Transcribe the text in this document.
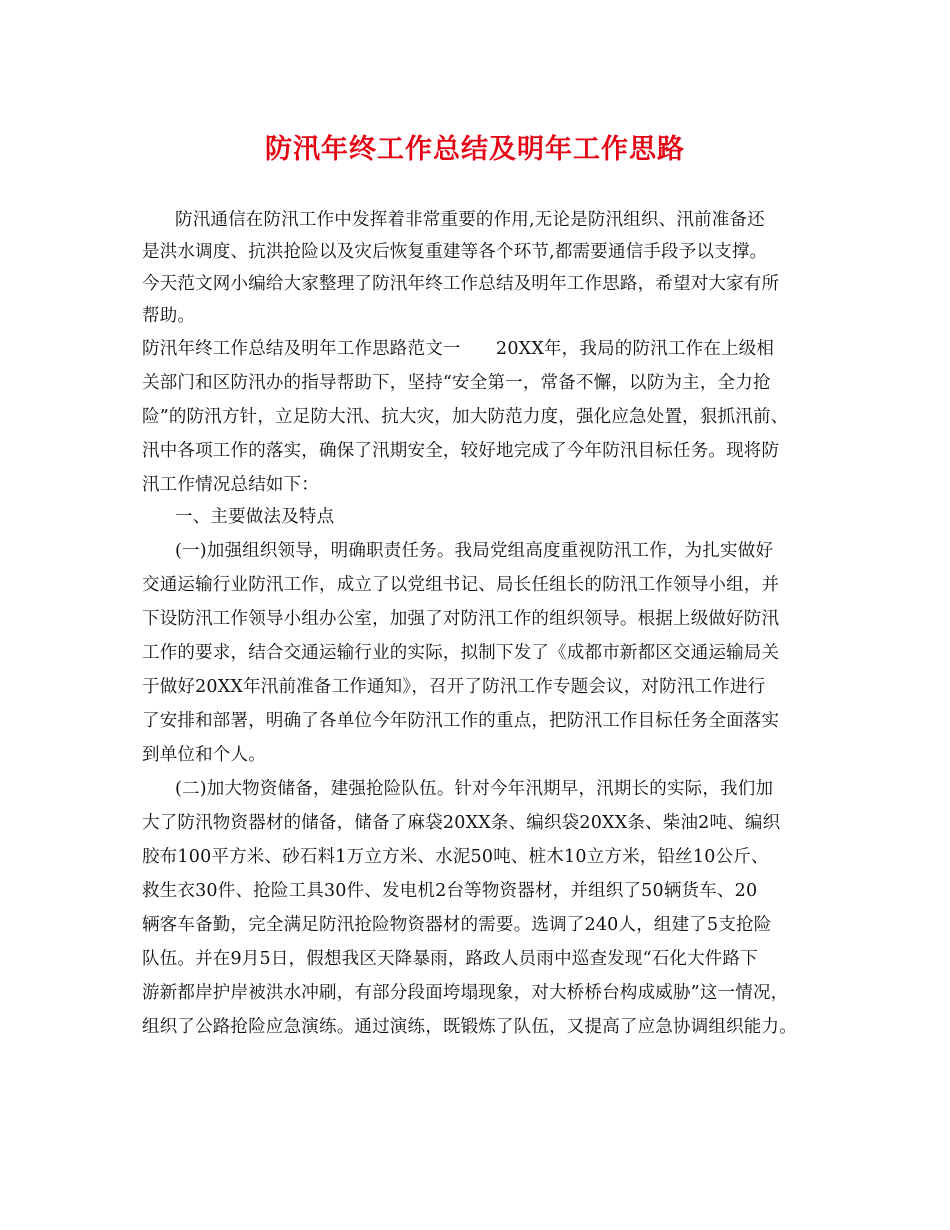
防汛年终工作总结及明年工作思路
防汛通信在防汛工作中发挥着非常重要的作用,无论是防汛组织、汛前准备还
是洪水调度、抗洪抢险以及灾后恢复重建等各个环节,都需要通信手段予以支撑。
今天范文网小编给大家整理了防汛年终工作总结及明年工作思路，希望对大家有所
帮助。
防汛年终工作总结及明年工作思路范文一　　20XX年，我局的防汛工作在上级相
关部门和区防汛办的指导帮助下，坚持“安全第一，常备不懈，以防为主，全力抢
险”的防汛方针，立足防大汛、抗大灾，加大防范力度，强化应急处置，狠抓汛前、
汛中各项工作的落实，确保了汛期安全，较好地完成了今年防汛目标任务。现将防
汛工作情况总结如下：
一、主要做法及特点
(一)加强组织领导，明确职责任务。我局党组高度重视防汛工作，为扎实做好
交通运输行业防汛工作，成立了以党组书记、局长任组长的防汛工作领导小组，并
下设防汛工作领导小组办公室，加强了对防汛工作的组织领导。根据上级做好防汛
工作的要求，结合交通运输行业的实际，拟制下发了《成都市新都区交通运输局关
于做好20XX年汛前准备工作通知》，召开了防汛工作专题会议，对防汛工作进行
了安排和部署，明确了各单位今年防汛工作的重点，把防汛工作目标任务全面落实
到单位和个人。
(二)加大物资储备，建强抢险队伍。针对今年汛期早，汛期长的实际，我们加
大了防汛物资器材的储备，储备了麻袋20XX条、编织袋20XX条、柴油2吨、编织
胶布100平方米、砂石料1万立方米、水泥50吨、桩木10立方米，铅丝10公斤、
救生衣30件、抢险工具30件、发电机2台等物资器材，并组织了50辆货车、20
辆客车备勤，完全满足防汛抢险物资器材的需要。选调了240人，组建了5支抢险
队伍。并在9月5日，假想我区天降暴雨，路政人员雨中巡查发现“石化大件路下
游新都岸护岸被洪水冲刷，有部分段面垮塌现象，对大桥桥台构成威胁”这一情况，
组织了公路抢险应急演练。通过演练，既锻炼了队伍，又提高了应急协调组织能力。
